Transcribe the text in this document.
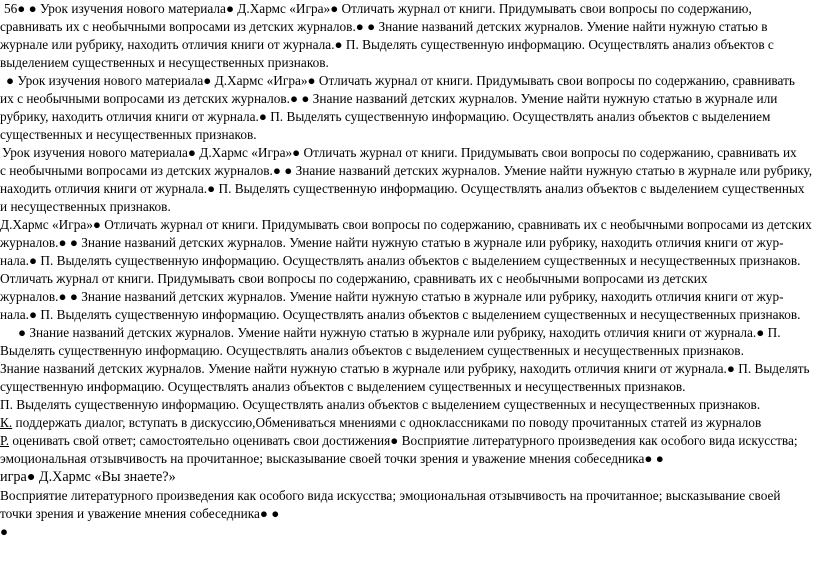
56● ● Урок изучения нового материала● Д.Хармс «Игра»● Отличать журнал от книги. Придумывать свои вопросы по содержанию,
сравнивать их с необычными вопросами из детских журналов.● ● Знание названий детских журналов. Умение найти нужную статью в
журнале или рубрику, находить отличия книги от журнала.● П. Выделять существенную информацию. Осуществлять анализ объектов с
выделением существенных и несущественных признаков.
● Урок изучения нового материала● Д.Хармс «Игра»● Отличать журнал от книги. Придумывать свои вопросы по содержанию, сравнивать
их с необычными вопросами из детских журналов.● ● Знание названий детских журналов. Умение найти нужную статью в журнале или
рубрику, находить отличия книги от журнала.● П. Выделять существенную информацию. Осуществлять анализ объектов с выделением
существенных и несущественных признаков.
Урок изучения нового материала● Д.Хармс «Игра»● Отличать журнал от книги. Придумывать свои вопросы по содержанию, сравнивать их
с необычными вопросами из детских журналов.● ● Знание названий детских журналов. Умение найти нужную статью в журнале или рубрику,
находить отличия книги от журнала.● П. Выделять существенную информацию. Осуществлять анализ объектов с выделением существенных
и несущественных признаков.
Д.Хармс «Игра»● Отличать журнал от книги. Придумывать свои вопросы по содержанию, сравнивать их с необычными вопросами из детских
журналов.● ● Знание названий детских журналов. Умение найти нужную статью в журнале или рубрику, находить отличия книги от жур-
нала.● П. Выделять существенную информацию. Осуществлять анализ объектов с выделением существенных и несущественных признаков.
Отличать журнал от книги. Придумывать свои вопросы по содержанию, сравнивать их с необычными вопросами из детских
журналов.● ● Знание названий детских журналов. Умение найти нужную статью в журнале или рубрику, находить отличия книги от жур-
нала.● П. Выделять существенную информацию. Осуществлять анализ объектов с выделением существенных и несущественных признаков.
● Знание названий детских журналов. Умение найти нужную статью в журнале или рубрику, находить отличия книги от журнала.● П.
Выделять существенную информацию. Осуществлять анализ объектов с выделением существенных и несущественных признаков.
Знание названий детских журналов. Умение найти нужную статью в журнале или рубрику, находить отличия книги от журнала.● П. Выделять
существенную информацию. Осуществлять анализ объектов с выделением существенных и несущественных признаков.
П. Выделять существенную информацию. Осуществлять анализ объектов с выделением существенных и несущественных признаков.
К. поддержать диалог, вступать в дискуссию,Обмениваться мнениями с одноклассниками по поводу прочитанных статей из журналов
Р. оценивать свой ответ; самостоятельно оценивать свои достижения● Восприятие литературного произведения как особого вида искусства;
эмоциональная отзывчивость на прочитанное; высказывание своей точки зрения и уважение мнения собеседника● ●
игра● Д.Хармс «Вы знаете?»
Восприятие литературного произведения как особого вида искусства; эмоциональная отзывчивость на прочитанное; высказывание своей
точки зрения и уважение мнения собеседника● ●
●
